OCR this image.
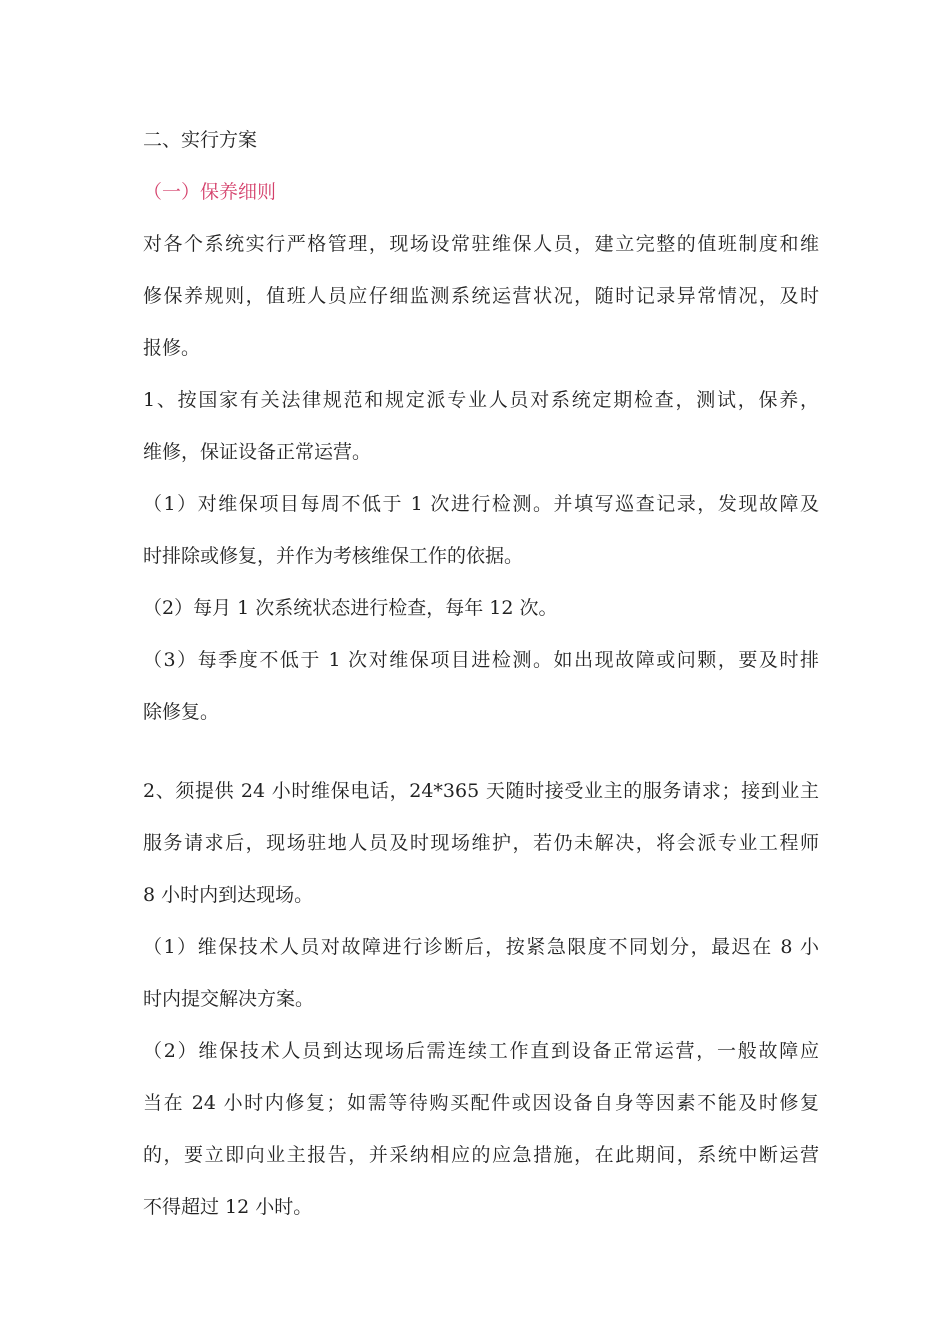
二、实行方案
（一）保养细则
对各个系统实行严格管理，现场设常驻维保人员，建立完整的值班制度和维
修保养规则，值班人员应仔细监测系统运营状况，随时记录异常情况，及时
报修。
1、按国家有关法律规范和规定派专业人员对系统定期检查，测试，保养，
维修，保证设备正常运营。
（1）对维保项目每周不低于 1 次进行检测。并填写巡查记录，发现故障及
时排除或修复，并作为考核维保工作的依据。
（2）每月 1 次系统状态进行检查，每年 12 次。
（3）每季度不低于 1 次对维保项目进检测。如出现故障或问颗，要及时排
除修复。
2、须提供 24 小时维保电话，24*365 天随时接受业主的服务请求；接到业主
服务请求后，现场驻地人员及时现场维护，若仍未解决，将会派专业工程师
8 小时内到达现场。
（1）维保技术人员对故障进行诊断后，按紧急限度不同划分，最迟在 8 小
时内提交解决方案。
（2）维保技术人员到达现场后需连续工作直到设备正常运营，一般故障应
当在 24 小时内修复；如需等待购买配件或因设备自身等因素不能及时修复
的，要立即向业主报告，并采纳相应的应急措施，在此期间，系统中断运营
不得超过 12 小时。
